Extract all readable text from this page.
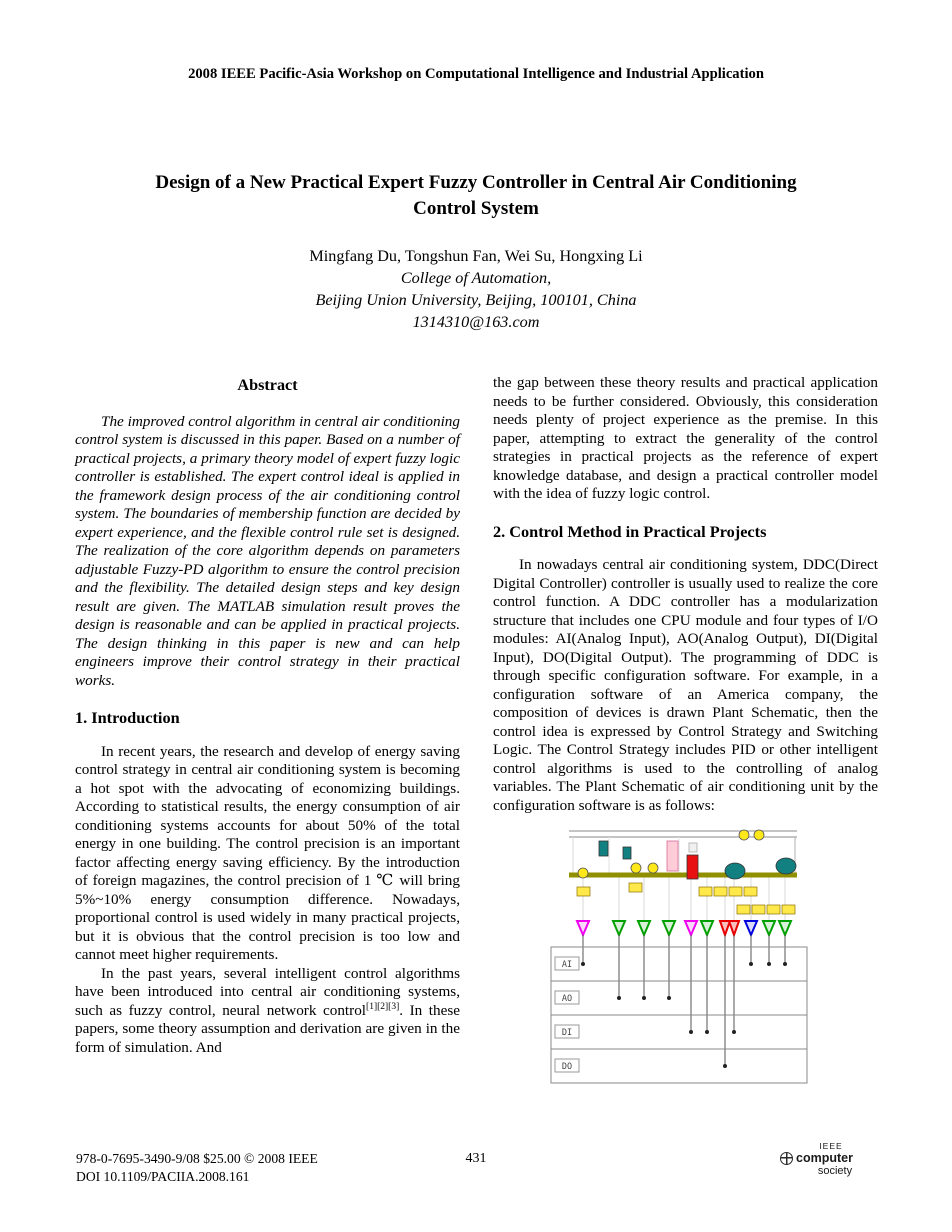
2008 IEEE Pacific-Asia Workshop on Computational Intelligence and Industrial Application
Design of a New Practical Expert Fuzzy Controller in Central Air Conditioning Control System
Mingfang Du, Tongshun Fan, Wei Su, Hongxing Li
College of Automation,
Beijing Union University, Beijing, 100101, China
1314310@163.com
Abstract

The improved control algorithm in central air conditioning control system is discussed in this paper. Based on a number of practical projects, a primary theory model of expert fuzzy logic controller is established. The expert control ideal is applied in the framework design process of the air conditioning control system. The boundaries of membership function are decided by expert experience, and the flexible control rule set is designed. The realization of the core algorithm depends on parameters adjustable Fuzzy-PD algorithm to ensure the control precision and the flexibility. The detailed design steps and key design result are given. The MATLAB simulation result proves the design is reasonable and can be applied in practical projects. The design thinking in this paper is new and can help engineers improve their control strategy in their practical works.

1. Introduction

In recent years, the research and develop of energy saving control strategy in central air conditioning system is becoming a hot spot with the advocating of economizing buildings. According to statistical results, the energy consumption of air conditioning systems accounts for about 50% of the total energy in one building. The control precision is an important factor affecting energy saving efficiency. By the introduction of foreign magazines, the control precision of 1 ℃ will bring 5%~10% energy consumption difference. Nowadays, proportional control is used widely in many practical projects, but it is obvious that the control precision is too low and cannot meet higher requirements.

In the past years, several intelligent control algorithms have been introduced into central air conditioning systems, such as fuzzy control, neural network control[1][2][3]. In these papers, some theory assumption and derivation are given in the form of simulation. And

the gap between these theory results and practical application needs to be further considered. Obviously, this consideration needs plenty of project experience as the premise. In this paper, attempting to extract the generality of the control strategies in practical projects as the reference of expert knowledge database, and design a practical controller model with the idea of fuzzy logic control.

2. Control Method in Practical Projects

In nowadays central air conditioning system, DDC(Direct Digital Controller) controller is usually used to realize the core control function. A DDC controller has a modularization structure that includes one CPU module and four types of I/O modules: AI(Analog Input), AO(Analog Output), DI(Digital Input), DO(Digital Output). The programming of DDC is through specific configuration software. For example, in a configuration software of an America company, the composition of devices is drawn Plant Schematic, then the control idea is expressed by Control Strategy and Switching Logic. The Control Strategy includes PID or other intelligent control algorithms is used to the controlling of analog variables. The Plant Schematic of air conditioning unit by the configuration software is as follows:

AI
AO
DI
DO
978-0-7695-3490-9/08 $25.00 © 2008 IEEE
DOI 10.1109/PACIIA.2008.161
431
IEEE
computer
society
